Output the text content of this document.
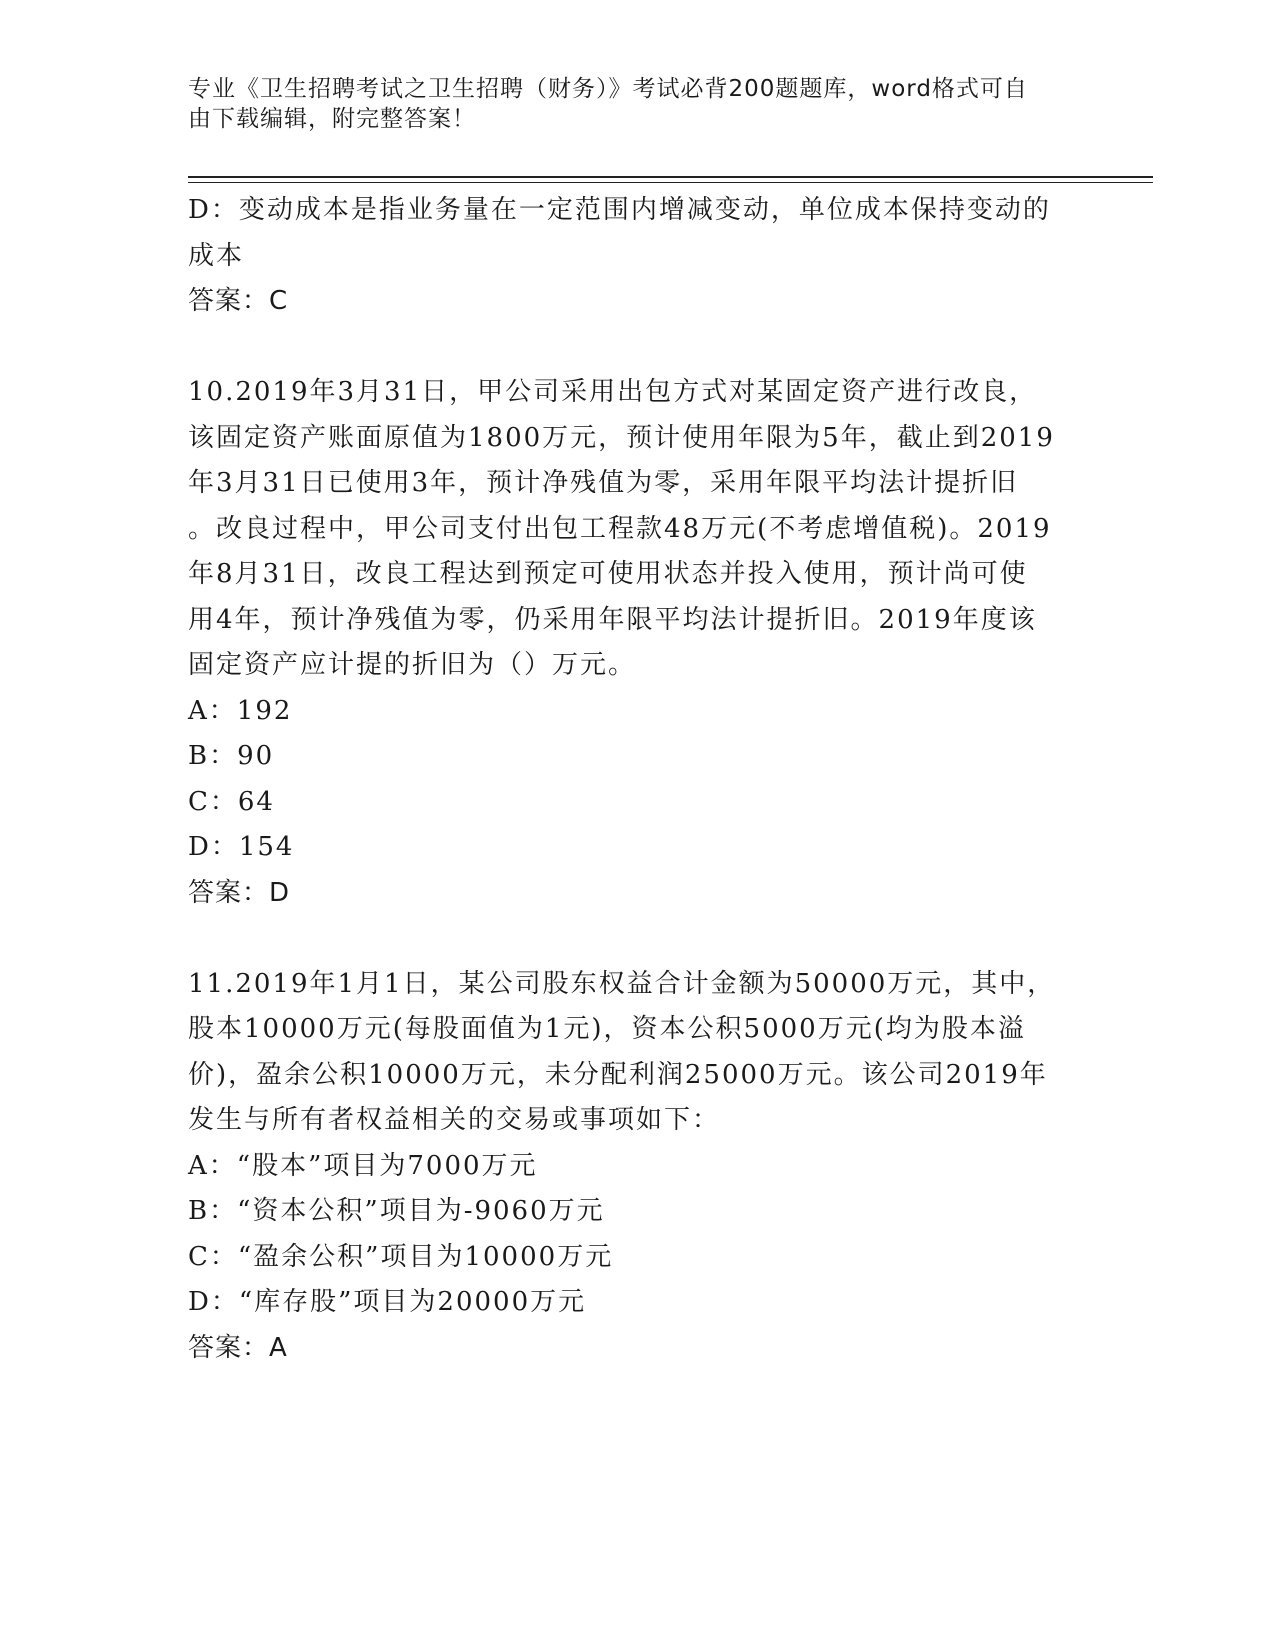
专业《卫生招聘考试之卫生招聘（财务）》考试必背200题题库，word格式可自
由下载编辑，附完整答案！
D：变动成本是指业务量在一定范围内增减变动，单位成本保持变动的
成本
答案：C
10.2019年3月31日，甲公司采用出包方式对某固定资产进行改良，
该固定资产账面原值为1800万元，预计使用年限为5年，截止到2019
年3月31日已使用3年，预计净残值为零，采用年限平均法计提折旧
。改良过程中，甲公司支付出包工程款48万元(不考虑增值税)。2019
年8月31日，改良工程达到预定可使用状态并投入使用，预计尚可使
用4年，预计净残值为零，仍采用年限平均法计提折旧。2019年度该
固定资产应计提的折旧为（）万元。
A：192
B：90
C：64
D：154
答案：D
11.2019年1月1日，某公司股东权益合计金额为50000万元，其中，
股本10000万元(每股面值为1元)，资本公积5000万元(均为股本溢
价)，盈余公积10000万元，未分配利润25000万元。该公司2019年
发生与所有者权益相关的交易或事项如下：
A：“股本”项目为7000万元
B：“资本公积”项目为-9060万元
C：“盈余公积”项目为10000万元
D：“库存股”项目为20000万元
答案：A
